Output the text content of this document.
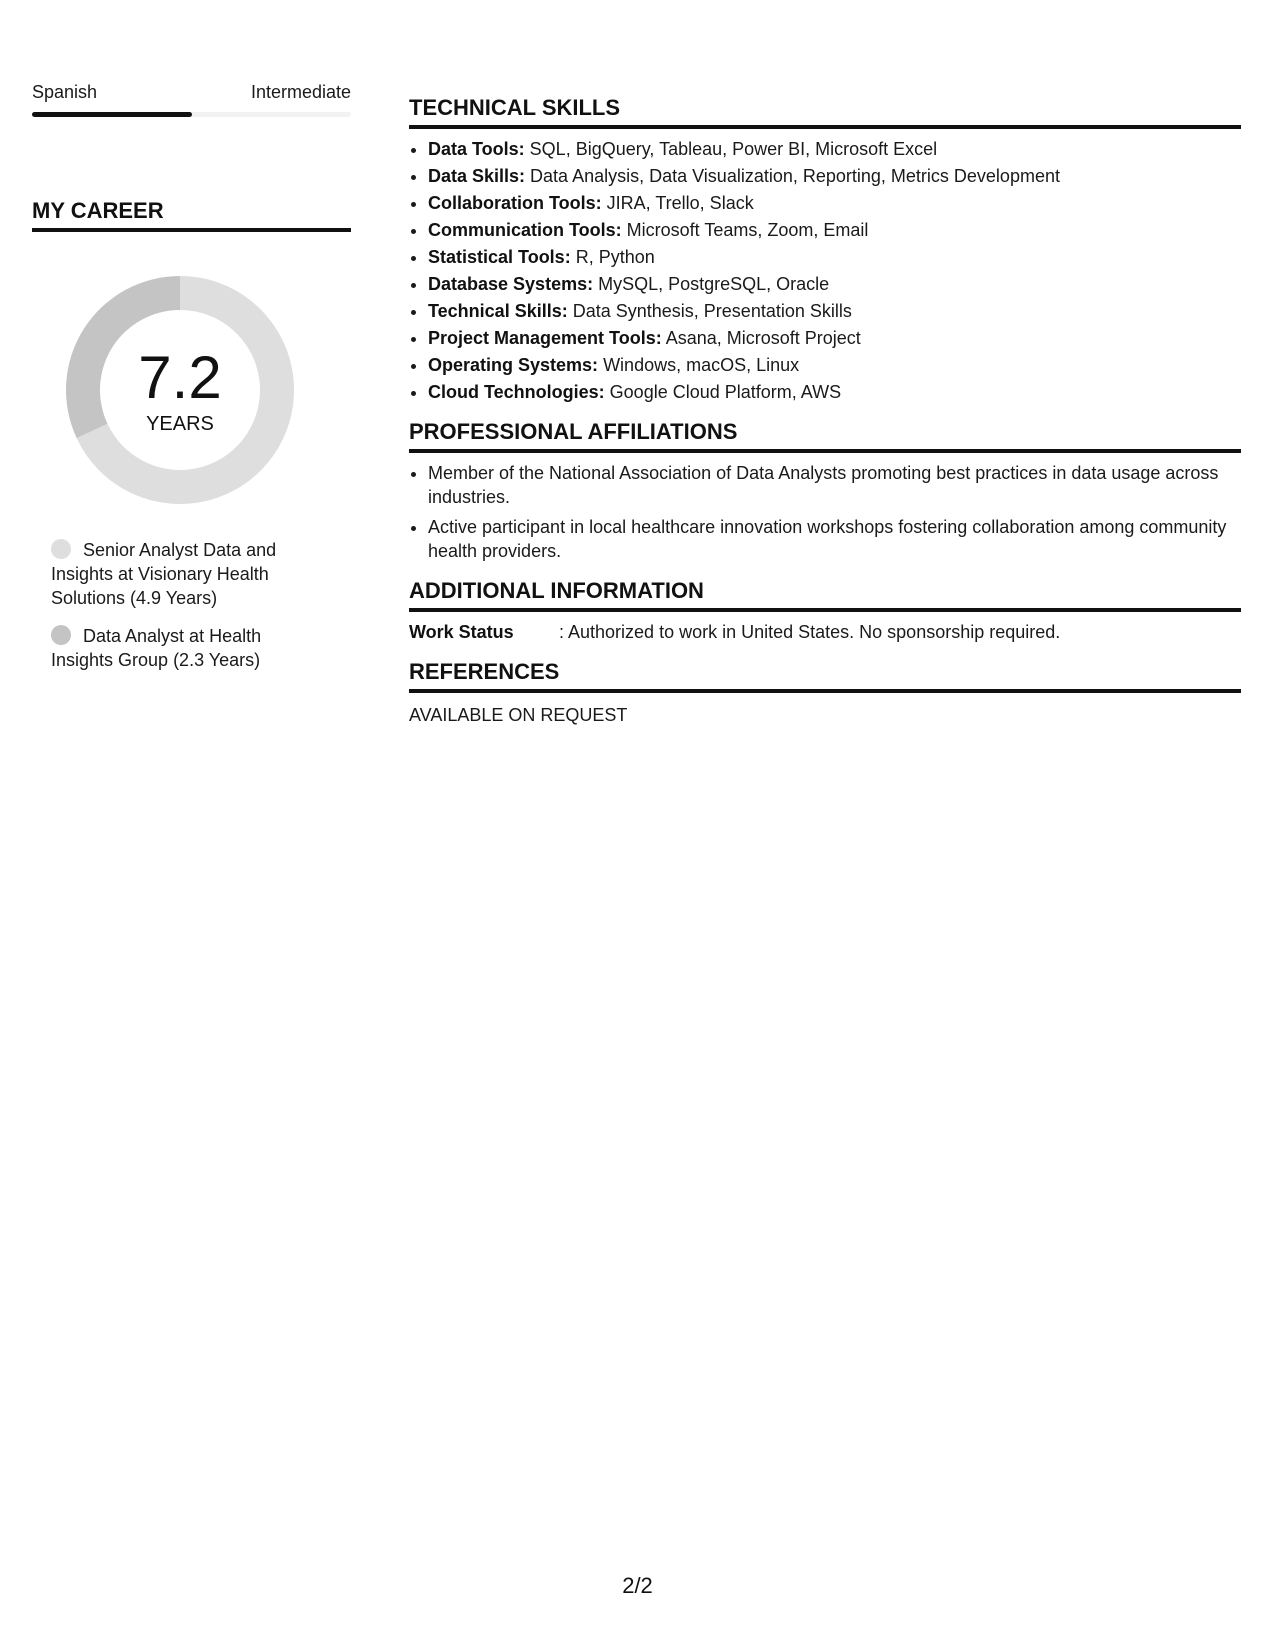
Spanish	Intermediate
MY CAREER
7.2
YEARS
Senior Analyst Data and Insights at Visionary Health Solutions (4.9 Years)
Data Analyst at Health Insights Group (2.3 Years)
TECHNICAL SKILLS
• Data Tools: SQL, BigQuery, Tableau, Power BI, Microsoft Excel
• Data Skills: Data Analysis, Data Visualization, Reporting, Metrics Development
• Collaboration Tools: JIRA, Trello, Slack
• Communication Tools: Microsoft Teams, Zoom, Email
• Statistical Tools: R, Python
• Database Systems: MySQL, PostgreSQL, Oracle
• Technical Skills: Data Synthesis, Presentation Skills
• Project Management Tools: Asana, Microsoft Project
• Operating Systems: Windows, macOS, Linux
• Cloud Technologies: Google Cloud Platform, AWS
PROFESSIONAL AFFILIATIONS
• Member of the National Association of Data Analysts promoting best practices in data usage across industries.
• Active participant in local healthcare innovation workshops fostering collaboration among community health providers.
ADDITIONAL INFORMATION
Work Status	: Authorized to work in United States. No sponsorship required.
REFERENCES
AVAILABLE ON REQUEST
2/2
